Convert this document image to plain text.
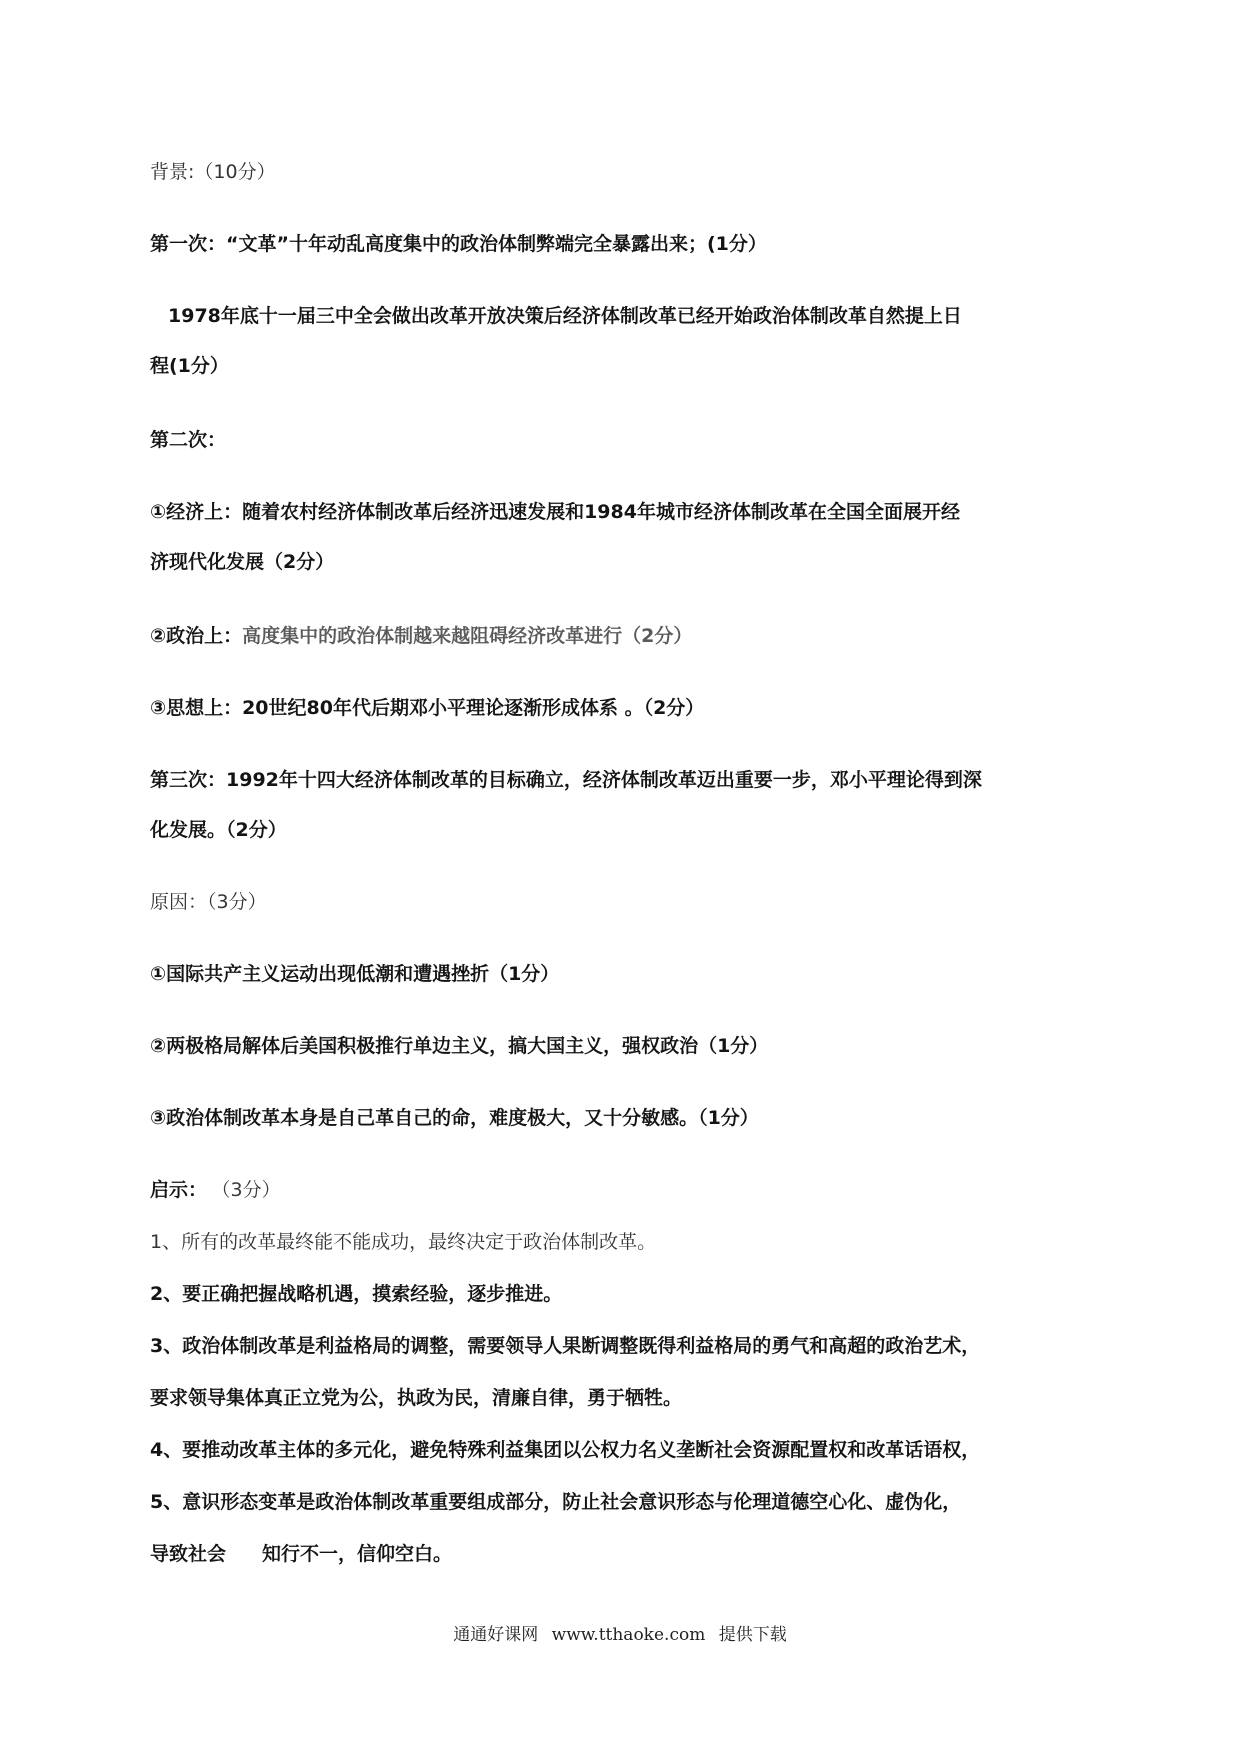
背景:（10分）
第一次：“文革”十年动乱高度集中的政治体制弊端完全暴露出来；(1分）
1978年底十一届三中全会做出改革开放决策后经济体制改革已经开始政治体制改革自然提上日
程(1分）
第二次：
①经济上：随着农村经济体制改革后经济迅速发展和1984年城市经济体制改革在全国全面展开经
济现代化发展（2分）
②政治上：高度集中的政治体制越来越阻碍经济改革进行（2分）
③思想上：20世纪80年代后期邓小平理论逐渐形成体系 。（2分）
第三次：1992年十四大经济体制改革的目标确立，经济体制改革迈出重要一步，邓小平理论得到深
化发展。（2分）
原因：（3分）
①国际共产主义运动出现低潮和遭遇挫折（1分）
②两极格局解体后美国积极推行单边主义，搞大国主义，强权政治（1分）
③政治体制改革本身是自己革自己的命，难度极大，又十分敏感。（1分）
启示： （3分）
1、所有的改革最终能不能成功，最终决定于政治体制改革。
2、要正确把握战略机遇，摸索经验，逐步推进。
3、政治体制改革是利益格局的调整，需要领导人果断调整既得利益格局的勇气和高超的政治艺术，
要求领导集体真正立党为公，执政为民，清廉自律，勇于牺牲。
4、要推动改革主体的多元化，避免特殊利益集团以公权力名义垄断社会资源配置权和改革话语权，
5、意识形态变革是政治体制改革重要组成部分，防止社会意识形态与伦理道德空心化、虚伪化，
导致社会 知行不一，信仰空白。
通通好课网 www.tthaoke.com 提供下载
